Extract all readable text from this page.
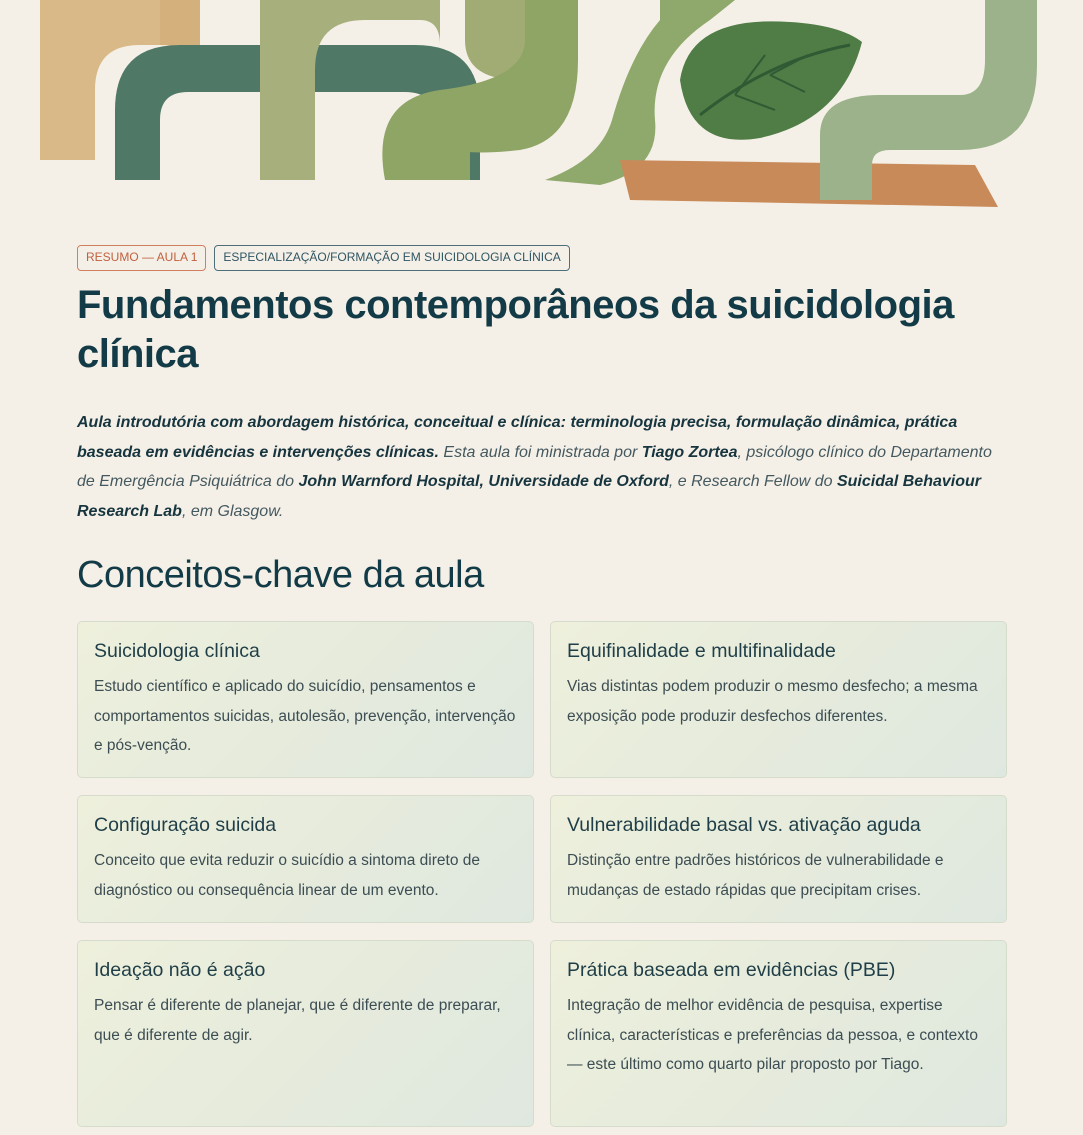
RESUMO — AULA 1	ESPECIALIZAÇÃO/FORMAÇÃO EM SUICIDOLOGIA CLÍNICA
Fundamentos contemporâneos da suicidologia clínica
Aula introdutória com abordagem histórica, conceitual e clínica: terminologia precisa, formulação dinâmica, prática baseada em evidências e intervenções clínicas. Esta aula foi ministrada por Tiago Zortea, psicólogo clínico do Departamento de Emergência Psiquiátrica do John Warnford Hospital, Universidade de Oxford, e Research Fellow do Suicidal Behaviour Research Lab, em Glasgow.
Conceitos-chave da aula
Suicidologia clínica

Estudo científico e aplicado do suicídio, pensamentos e comportamentos suicidas, autolesão, prevenção, intervenção e pós-venção.

Equifinalidade e multifinalidade

Vias distintas podem produzir o mesmo desfecho; a mesma exposição pode produzir desfechos diferentes.

Configuração suicida

Conceito que evita reduzir o suicídio a sintoma direto de diagnóstico ou consequência linear de um evento.

Vulnerabilidade basal vs. ativação aguda

Distinção entre padrões históricos de vulnerabilidade e mudanças de estado rápidas que precipitam crises.

Ideação não é ação

Pensar é diferente de planejar, que é diferente de preparar, que é diferente de agir.

Prática baseada em evidências (PBE)

Integração de melhor evidência de pesquisa, expertise clínica, características e preferências da pessoa, e contexto — este último como quarto pilar proposto por Tiago.
